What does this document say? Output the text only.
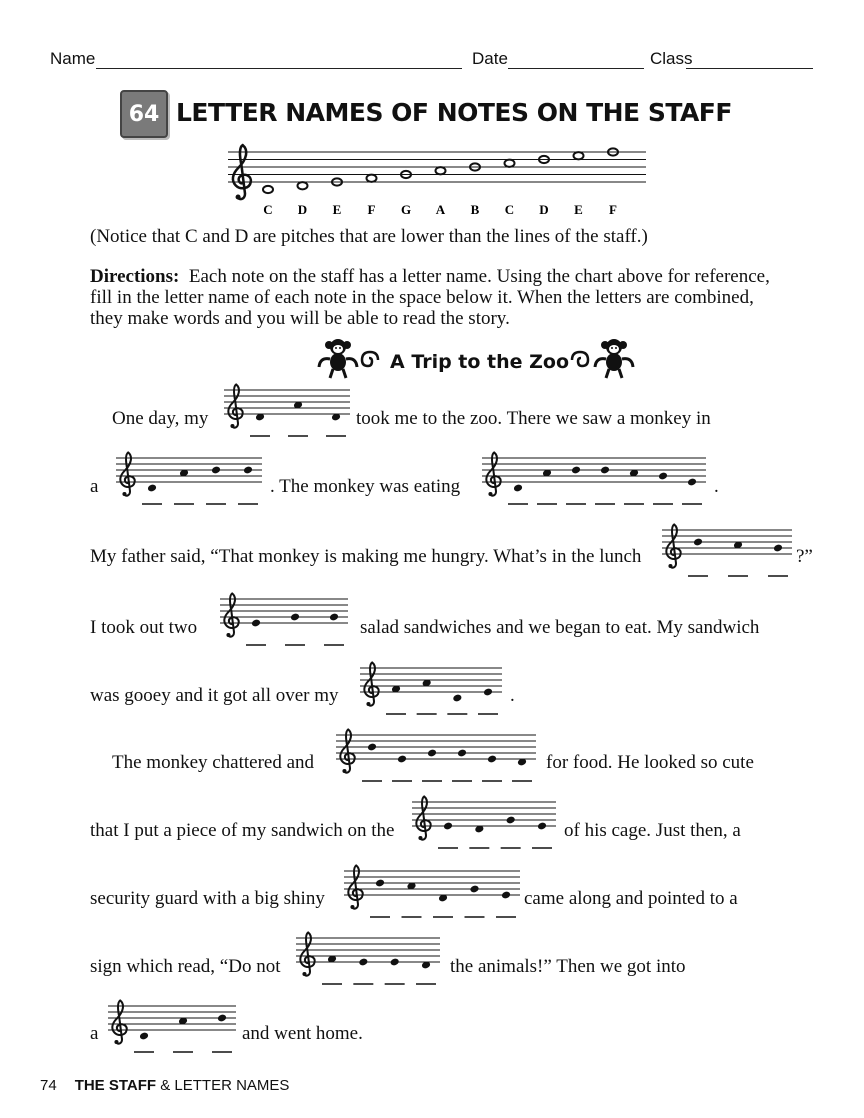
Name	Date	Class
64 LETTER NAMES OF NOTES ON THE STAFF
C D E F G A B C D E F
(Notice that C and D are pitches that are lower than the lines of the staff.)
Directions: Each note on the staff has a letter name. Using the chart above for reference,
fill in the letter name of each note in the space below it. When the letters are combined,
they make words and you will be able to read the story.
A Trip to the Zoo
One day, my	took me to the zoo. There we saw a monkey in
a	. The monkey was eating	.
My father said, “That monkey is making me hungry. What’s in the lunch	?”
I took out two	salad sandwiches and we began to eat. My sandwich
was gooey and it got all over my	.
The monkey chattered and	for food. He looked so cute
that I put a piece of my sandwich on the	of his cage. Just then, a
security guard with a big shiny	came along and pointed to a
sign which read, “Do not	the animals!” Then we got into
a	and went home.
74 THE STAFF & LETTER NAMES
